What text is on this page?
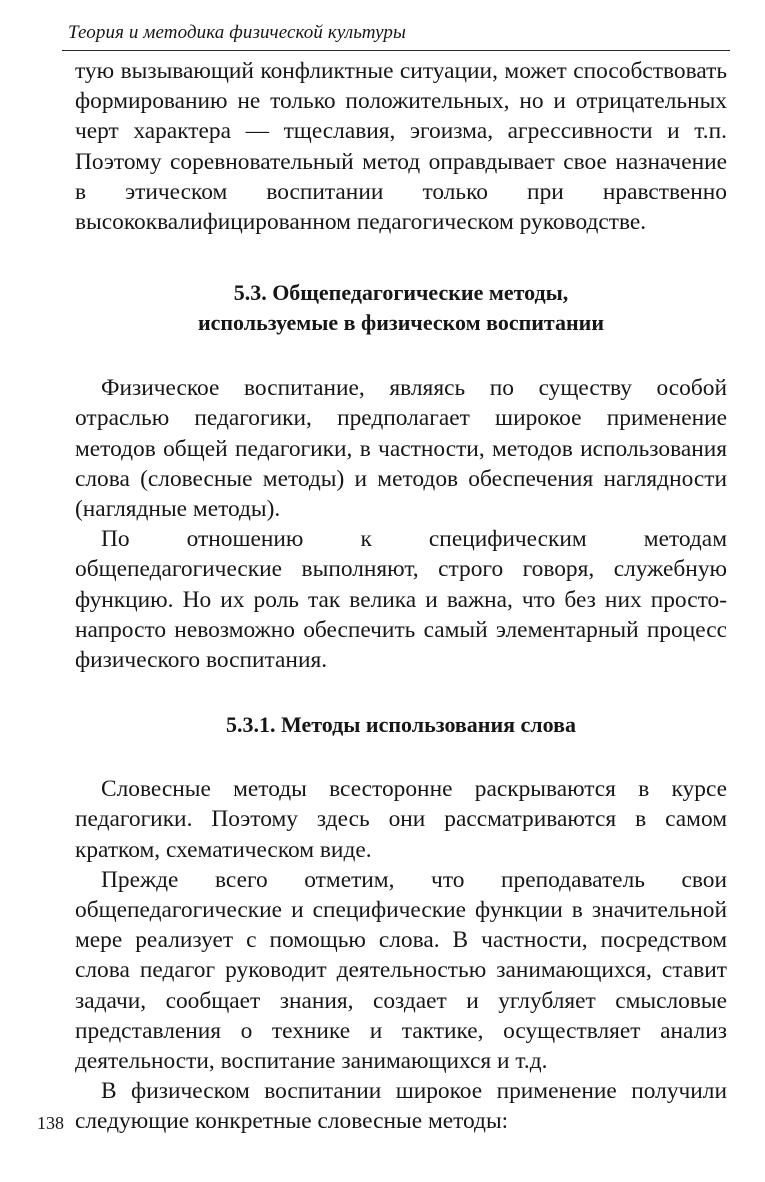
Теория и методика физической культуры

тую вызывающий конфликтные ситуации, может способствовать формированию не только положительных, но и отрицательных черт характера — тщеславия, эгоизма, агрессивности и т.п. Поэтому соревновательный метод оправдывает свое назначение в этическом воспитании только при нравственно высококвалифицированном педагогическом руководстве.

5.3. Общепедагогические методы,
используемые в физическом воспитании

Физическое воспитание, являясь по существу особой отраслью педагогики, предполагает широкое применение методов общей педагогики, в частности, методов использования слова (словесные методы) и методов обеспечения наглядности (наглядные методы).

По отношению к специфическим методам общепедагогические выполняют, строго говоря, служебную функцию. Но их роль так велика и важна, что без них просто-напросто невозможно обеспечить самый элементарный процесс физического воспитания.

5.3.1. Методы использования слова

Словесные методы всесторонне раскрываются в курсе педагогики. Поэтому здесь они рассматриваются в самом кратком, схематическом виде.

Прежде всего отметим, что преподаватель свои общепедагогические и специфические функции в значительной мере реализует с помощью слова. В частности, посредством слова педагог руководит деятельностью занимающихся, ставит задачи, сообщает знания, создает и углубляет смысловые представления о технике и тактике, осуществляет анализ деятельности, воспитание занимающихся и т.д.

В физическом воспитании широкое применение получили следующие конкретные словесные методы:

138
